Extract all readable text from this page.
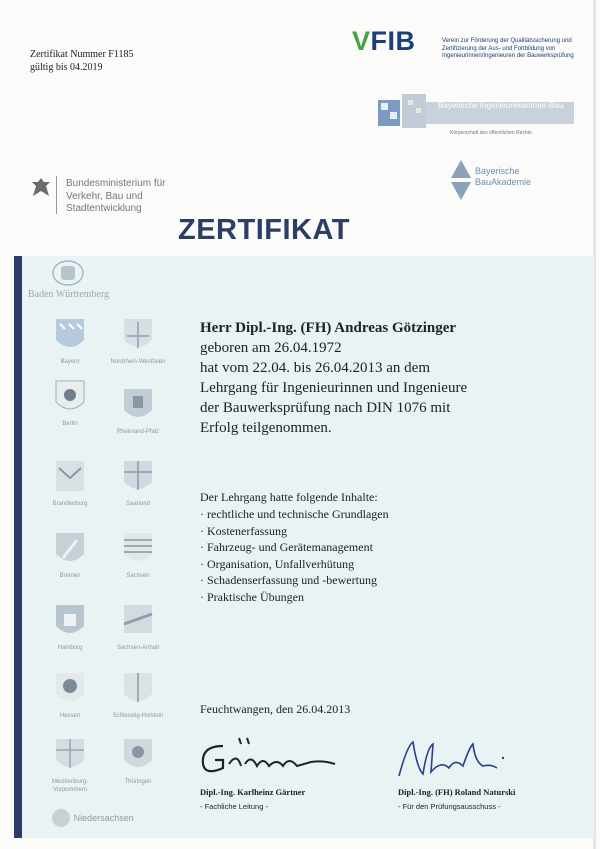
Zertifikat Nummer F1185
gültig bis 04.2019
VFIB	Verein zur Förderung der Qualitätssicherung und Zertifizierung der Aus- und Fortbildung von Ingenieurinnen/Ingenieuren der Bauwerksprüfung
Bayerische Ingenieurekammer-Bau
Körperschaft des öffentlichen Rechts
Bayerische BauAkademie
Bundesministerium für Verkehr, Bau und Stadtentwicklung
ZERTIFIKAT
Baden Württemberg
Bayern	Nordrhein-Westfalen
Berlin
Rheinland-Pfalz
Brandenburg	Saarland
Bremen	Sachsen
Hamburg	Sachsen-Anhalt
Hessen	Schleswig-Holstein
Mecklenburg-Vorpommern
Thüringen
Niedersachsen
Herr Dipl.-Ing. (FH) Andreas Götzinger
geboren am 26.04.1972
hat vom 22.04. bis 26.04.2013 an dem
Lehrgang für Ingenieurinnen und Ingenieure
der Bauwerksprüfung nach DIN 1076 mit
Erfolg teilgenommen.
Der Lehrgang hatte folgende Inhalte:
· rechtliche und technische Grundlagen
· Kostenerfassung
· Fahrzeug- und Gerätemanagement
· Organisation, Unfallverhütung
· Schadenserfassung und -bewertung
· Praktische Übungen
Feuchtwangen, den 26.04.2013
Dipl.-Ing. Karlheinz Gärtner
- Fachliche Leitung -
Dipl.-Ing. (FH) Roland Naturski
- Für den Prüfungsausschuss -
